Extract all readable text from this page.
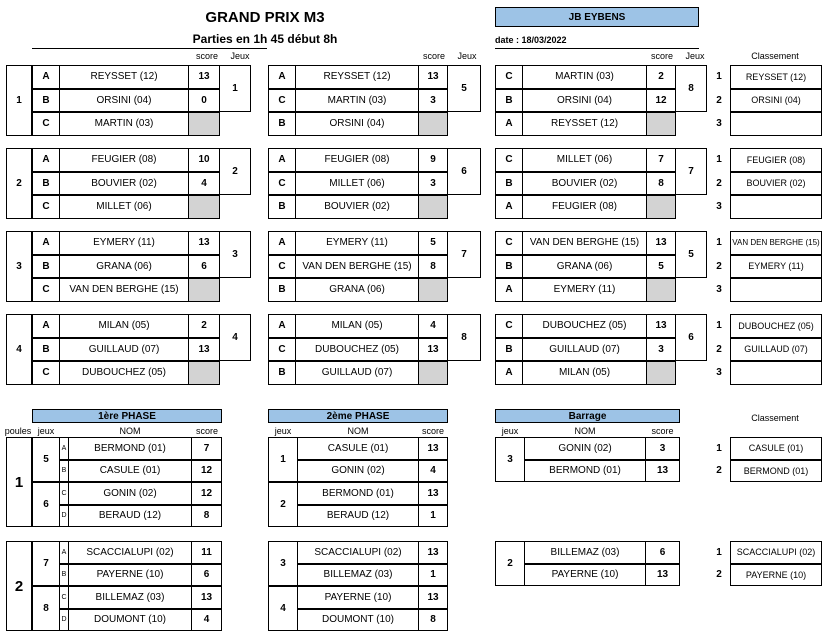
GRAND PRIX M3
Parties en 1h 45 début 8h
JB EYBENS
date : 18/03/2022
score	Jeux	score	Jeux	score	Jeux	Classement
1
A	REYSSET (12)	13
B	ORSINI (04)	0
C	MARTIN (03)
1
A	REYSSET (12)	13
C	MARTIN (03)	3
B	ORSINI (04)
5
C	MARTIN (03)	2
B	ORSINI (04)	12
A	REYSSET (12)
8
1	REYSSET (12)
2	ORSINI (04)
3
2
A	FEUGIER (08)	10
B	BOUVIER (02)	4
C	MILLET (06)
2
A	FEUGIER (08)	9
C	MILLET (06)	3
B	BOUVIER (02)
6
C	MILLET (06)	7
B	BOUVIER (02)	8
A	FEUGIER (08)
7
1	FEUGIER (08)
2	BOUVIER (02)
3
3
A	EYMERY (11)	13
B	GRANA (06)	6
C	VAN DEN BERGHE (15)
3
A	EYMERY (11)	5
C	VAN DEN BERGHE (15)	8
B	GRANA (06)
7
C	VAN DEN BERGHE (15)	13
B	GRANA (06)	5
A	EYMERY (11)
5
1	VAN DEN BERGHE (15)
2	EYMERY (11)
3
4
A	MILAN (05)	2
B	GUILLAUD (07)	13
C	DUBOUCHEZ (05)
4
A	MILAN (05)	4
C	DUBOUCHEZ (05)	13
B	GUILLAUD (07)
8
C	DUBOUCHEZ (05)	13
B	GUILLAUD (07)	3
A	MILAN (05)
6
1	DUBOUCHEZ (05)
2	GUILLAUD (07)
3
1
5
A	BERMOND (01)	7
B	CASULE (01)	12
6
C	GONIN (02)	12
D	BERAUD (12)	8
1
CASULE (01)	13
GONIN (02)	4
2
BERMOND (01)	13
BERAUD (12)	1
3
GONIN (02)	3
BERMOND (01)	13
1	CASULE (01)
2	BERMOND (01)
2
7
A	SCACCIALUPI (02)	11
B	PAYERNE (10)	6
8
C	BILLEMAZ (03)	13
D	DOUMONT (10)	4
3
SCACCIALUPI (02)	13
BILLEMAZ (03)	1
4
PAYERNE (10)	13
DOUMONT (10)	8
2
BILLEMAZ (03)	6
PAYERNE (10)	13
1	SCACCIALUPI (02)
2	PAYERNE (10)
poules
1ère PHASE	2ème PHASE	Barrage	Classement
jeux	NOM	score	jeux	NOM	score	jeux	NOM	score
